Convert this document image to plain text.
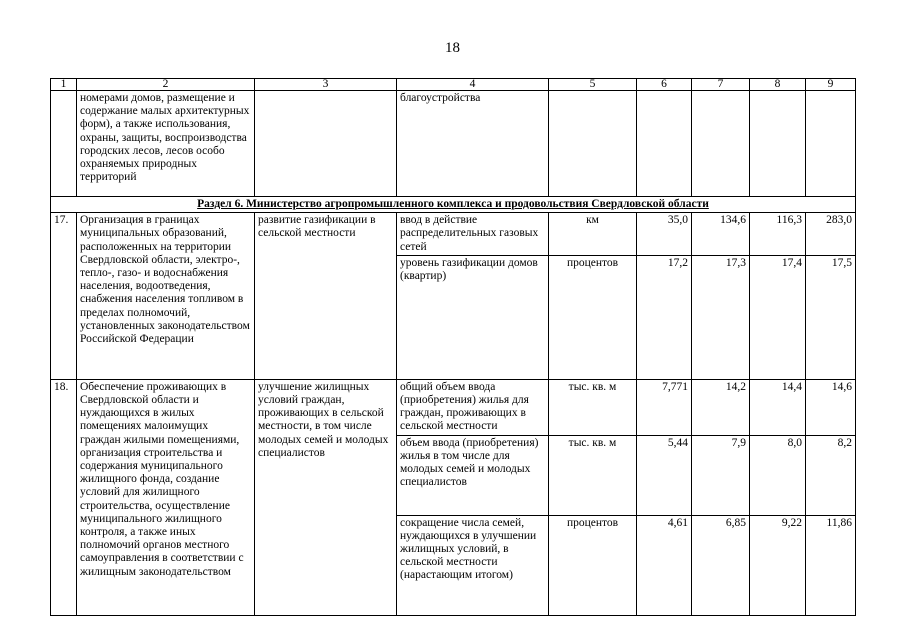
18
1	2	3	4	5	6	7	8	9
	номерами домов, размещение и содержание малых архитектурных форм), а также использования, охраны, защиты, воспроизводства городских лесов, лесов особо охраняемых природных территорий		благоустройства					
Раздел 6. Министерство агропромышленного комплекса и продовольствия Свердловской области								
17.	Организация в границах муниципальных образований, расположенных на территории Свердловской области, электро-, тепло-, газо- и водоснабжения населения, водоотведения, снабжения населения топливом в пределах полномочий, установленных законодательством Российской Федерации	развитие газификации в сельской местности	ввод в действие распределительных газовых сетей	км	35,0	134,6	116,3	283,0
			уровень газификации домов (квартир)	процентов	17,2	17,3	17,4	17,5
18.	Обеспечение проживающих в Свердловской области и нуждающихся в жилых помещениях малоимущих граждан жилыми помещениями, организация строительства и содержания муниципального жилищного фонда, создание условий для жилищного строительства, осуществление муниципального жилищного контроля, а также иных полномочий органов местного самоуправления в соответствии с жилищным законодательством	улучшение жилищных условий граждан, проживающих в сельской местности, в том числе молодых семей и молодых специалистов	общий объем ввода (приобретения) жилья для граждан, проживающих в сельской местности	тыс. кв. м	7,771	14,2	14,4	14,6
			объем ввода (приобретения) жилья в том числе для молодых семей и молодых специалистов	тыс. кв. м	5,44	7,9	8,0	8,2
			сокращение числа семей, нуждающихся в улучшении жилищных условий, в сельской местности (нарастающим итогом)	процентов	4,61	6,85	9,22	11,86
